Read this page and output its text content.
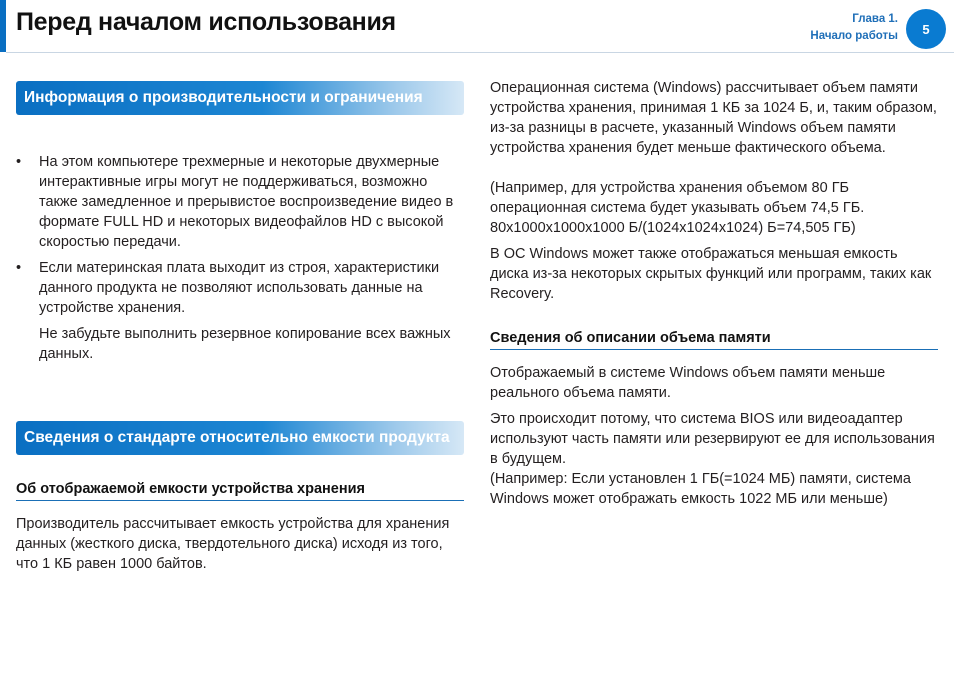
Перед началом использования	Глава 1.
Начало работы	5
Информация о производительности и ограничения
• На этом компьютере трехмерные и некоторые двухмерные интерактивные игры могут не поддерживаться, возможно также замедленное и прерывистое воспроизведение видео в формате FULL HD и некоторых видеофайлов HD с высокой скоростью передачи.
• Если материнская плата выходит из строя, характеристики данного продукта не позволяют использовать данные на устройстве хранения.
Не забудьте выполнить резервное копирование всех важных данных.
Сведения о стандарте относительно емкости продукта
Об отображаемой емкости устройства хранения

Производитель рассчитывает емкость устройства для хранения данных (жесткого диска, твердотельного диска) исходя из того, что 1 КБ равен 1000 байтов.

Операционная система (Windows) рассчитывает объем памяти устройства хранения, принимая 1 КБ за 1024 Б, и, таким образом, из-за разницы в расчете, указанный Windows объем памяти устройства хранения будет меньше фактического объема.

(Например, для устройства хранения объемом 80 ГБ операционная система будет указывать объем 74,5 ГБ. 80x1000x1000x1000 Б/(1024x1024x1024) Б=74,505 ГБ)

В ОС Windows может также отображаться меньшая емкость диска из-за некоторых скрытых функций или программ, таких как Recovery.

Сведения об описании объема памяти

Отображаемый в системе Windows объем памяти меньше реального объема памяти.

Это происходит потому, что система BIOS или видеоадаптер используют часть памяти или резервируют ее для использования в будущем.

(Например: Если установлен 1 ГБ(=1024 МБ) памяти, система Windows может отображать емкость 1022 МБ или меньше)
